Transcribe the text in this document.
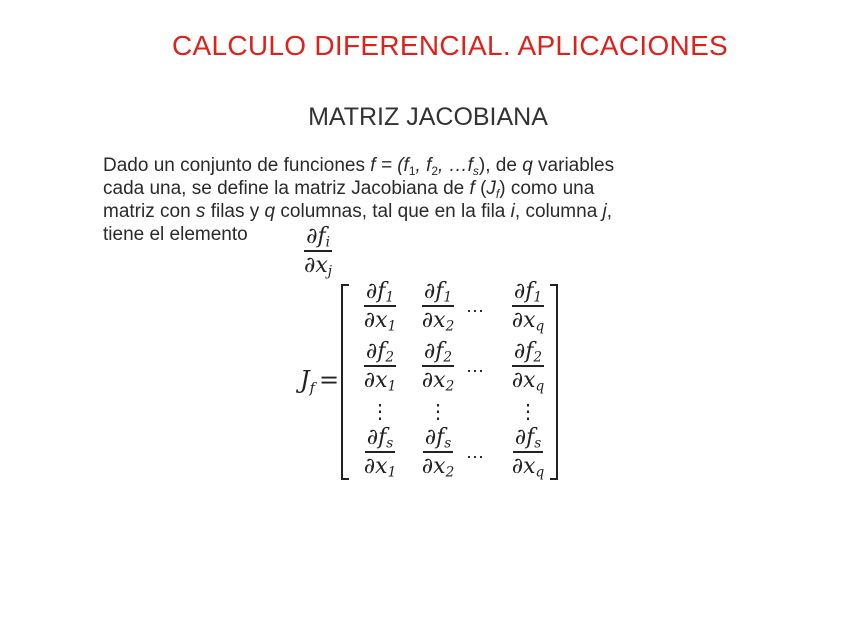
CALCULO DIFERENCIAL. APLICACIONES
MATRIZ JACOBIANA
Dado un conjunto de funciones $f = (f_1$, $f_2$, $\dots f_s$), de q variables
cada una, se define la matriz Jacobiana de f $(J_f)$ como una
matriz con s filas y q columnas, tal que en la fila i, columna j,
tiene el elemento	$\frac{\partial f_i}{\partial x_j}$
$J_f$ =
$\frac{\partial f_1}{\partial x_1} \frac{\partial f_1}{\partial x_2}$ ⋯	$\frac{\partial f_1}{\partial x_q}$
$\frac{\partial f_2}{\partial x_1} \frac{\partial f_2}{\partial x_2}$ ⋯	$\frac{\partial f_2}{\partial x_q}$
⋮	⋮	⋮
$\frac{\partial f_s}{\partial x_1} \frac{\partial f_s}{\partial x_2}$ ⋯	$\frac{\partial f_s}{\partial x_q}$
